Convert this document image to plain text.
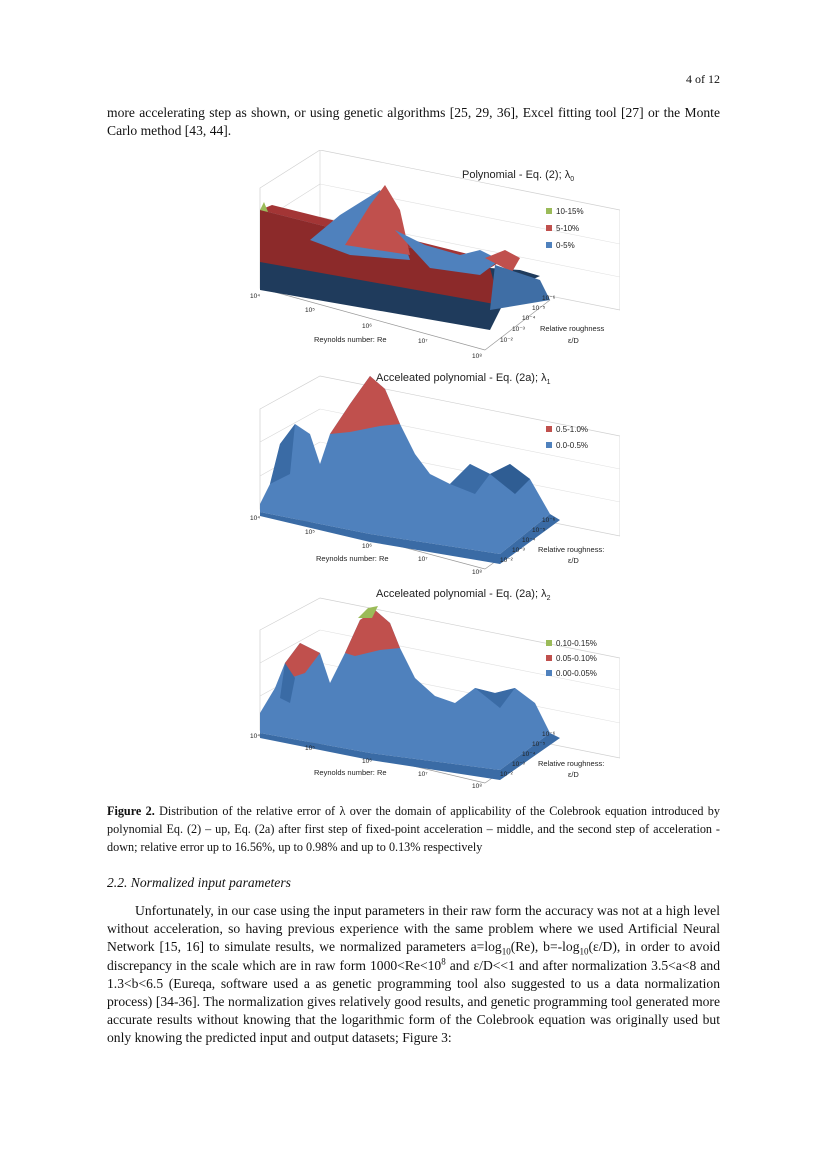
4 of 12

more accelerating step as shown, or using genetic algorithms [25, 29, 36], Excel fitting tool [27] or the Monte Carlo method [43, 44].

10⁴
10⁵
10⁶
10⁷
10⁸
Reynolds number: Re
10⁻⁶
10⁻⁵
10⁻⁴
10⁻³
10⁻²
Relative roughness
ε/D
Polynomial - Eq. (2); $\lambda_0$
10-15%
5-10%
0-5%
10⁴
10⁵
10⁶
10⁷
10⁸
Reynolds number: Re
10⁻⁶
10⁻⁵
10⁻⁴
10⁻³
10⁻²
Relative roughness:
ε/D
Acceleated polynomial - Eq. (2a); $\lambda_1$
0.5-1.0%
0.0-0.5%
10⁴
10⁵
10⁶
10⁷
10⁸
Reynolds number: Re
10⁻⁶
10⁻⁵
10⁻⁴
10⁻³
10⁻²
Relative roughness:
ε/D
Acceleated polynomial - Eq. (2a); $\lambda_2$
0.10-0.15%
0.05-0.10%
0.00-0.05%

Figure 2. Distribution of the relative error of λ over the domain of applicability of the Colebrook equation introduced by polynomial Eq. (2) – up, Eq. (2a) after first step of fixed-point acceleration – middle, and the second step of acceleration - down; relative error up to 16.56%, up to 0.98% and up to 0.13% respectively

2.2. Normalized input parameters

Unfortunately, in our case using the input parameters in their raw form the accuracy was not at a high level without acceleration, so having previous experience with the same problem where we used Artificial Neural Network [15, 16] to simulate results, we normalized parameters $a=\log_{10}(Re)$, $b=-\log_{10}(\varepsilon/D)$, in order to avoid discrepancy in the scale which are in raw form $1000<Re<10^8$ and ε/D<<1 and after normalization 3.5<a<8 and 1.3<b<6.5 (Eureqa, software used a as genetic programming tool also suggested to us a data normalization process) [34-36]. The normalization gives relatively good results, and genetic programming tool generated more accurate results without knowing that the logarithmic form of the Colebrook equation was originally used but only knowing the predicted input and output datasets; Figure 3:
